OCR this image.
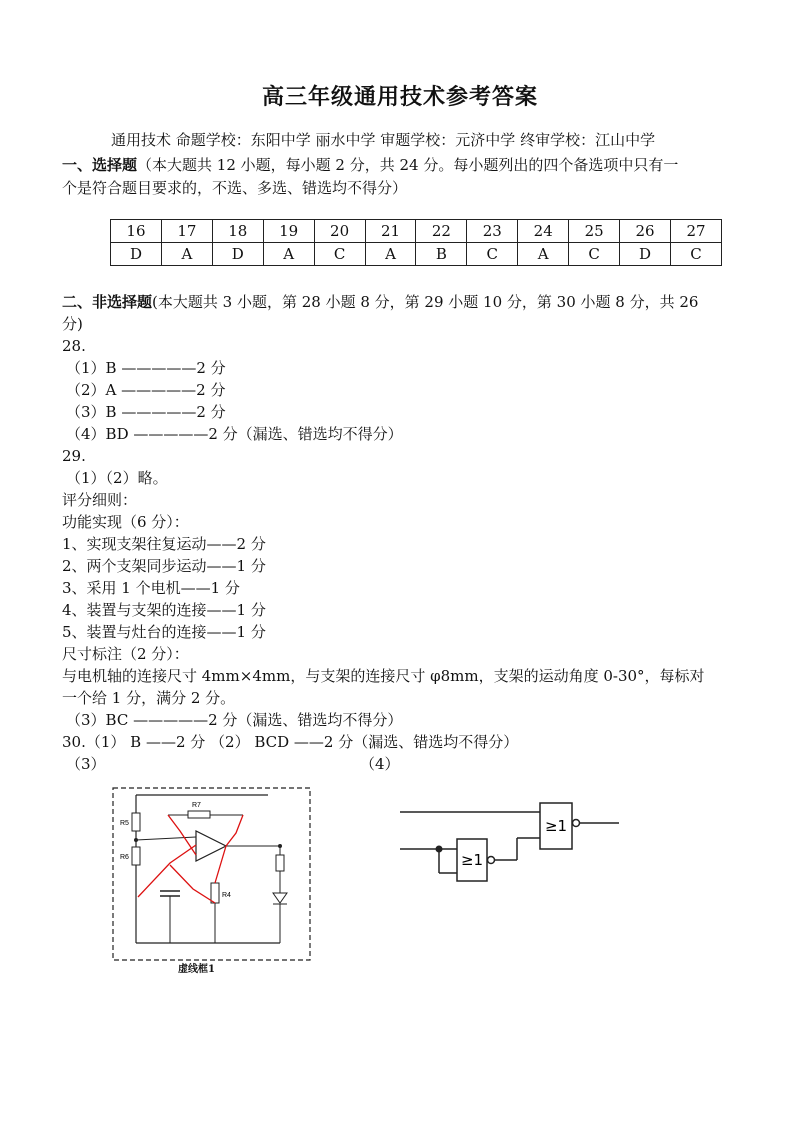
高三年级通用技术参考答案
通用技术 命题学校：东阳中学 丽水中学 审题学校：元济中学 终审学校：江山中学
一、选择题（本大题共 12 小题，每小题 2 分，共 24 分。每小题列出的四个备选项中只有一
个是符合题目要求的，不选、多选、错选均不得分）
16	17	18	19	20	21	22	23	24	25	26	27
D	A	D	A	C	A	B	C	A	C	D	C
二、非选择题(本大题共 3 小题，第 28 小题 8 分，第 29 小题 10 分，第 30 小题 8 分，共 26
分)
28.
（1）B —————2 分
（2）A —————2 分
（3）B —————2 分
（4）BD —————2 分（漏选、错选均不得分）
29.
（1）（2）略。
评分细则：
功能实现（6 分）：
1、实现支架往复运动——2 分
2、两个支架同步运动——1 分
3、采用 1 个电机——1 分
4、装置与支架的连接——1 分
5、装置与灶台的连接——1 分
尺寸标注（2 分）：
与电机轴的连接尺寸 4mm×4mm，与支架的连接尺寸 φ8mm，支架的运动角度 0-30°，每标对
一个给 1 分，满分 2 分。
（3）BC —————2 分（漏选、错选均不得分）
30.（1） B ——2 分 （2） BCD ——2 分（漏选、错选均不得分）
（3）	（4）
R5
R6
R7
R4
虚线框1
≥1
≥1
